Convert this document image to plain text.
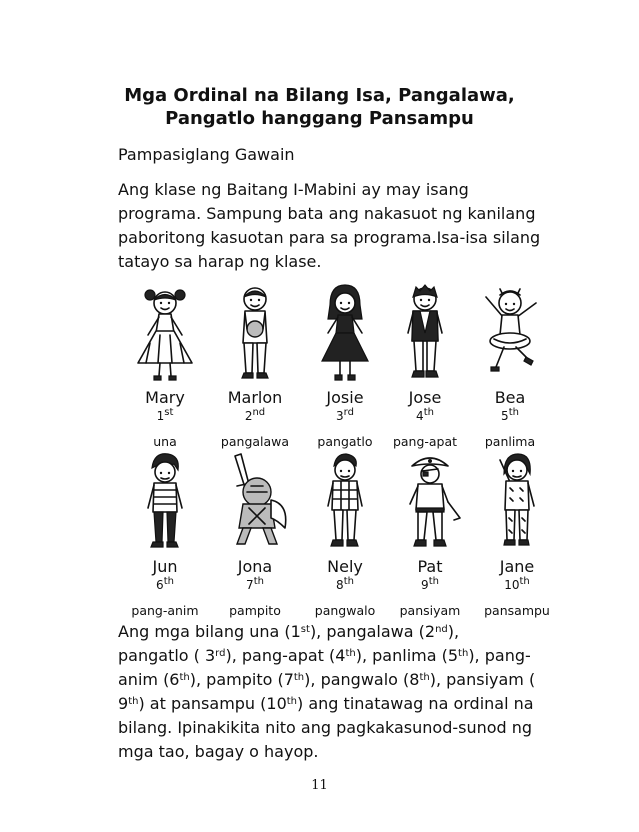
Mga Ordinal na Bilang Isa, Pangalawa,
Pangatlo hanggang Pansampu
Pampasiglang Gawain
Ang klase ng Baitang I-Mabini ay may isang
programa. Sampung bata ang nakasuot ng kanilang
paboritong kasuotan para sa programa.Isa-isa silang
tatayo sa harap ng klase.
Mary
1st
una
Marlon
2nd
pangalawa
Josie
3rd
pangatlo
Jose
4th
pang-apat
Bea
5th
panlima
Jun
6th
pang-anim
Jona
7th
pampito
Nely
8th
pangwalo
Pat
9th
pansiyam
Jane
10th
pansampu
Ang mga bilang una (1st), pangalawa (2nd),
pangatlo ( 3rd), pang-apat (4th), panlima (5th), pang-
anim (6th), pampito (7th), pangwalo (8th), pansiyam (
9th) at pansampu (10th) ang tinatawag na ordinal na
bilang. Ipinakikita nito ang pagkakasunod-sunod ng
mga tao, bagay o hayop.
11
